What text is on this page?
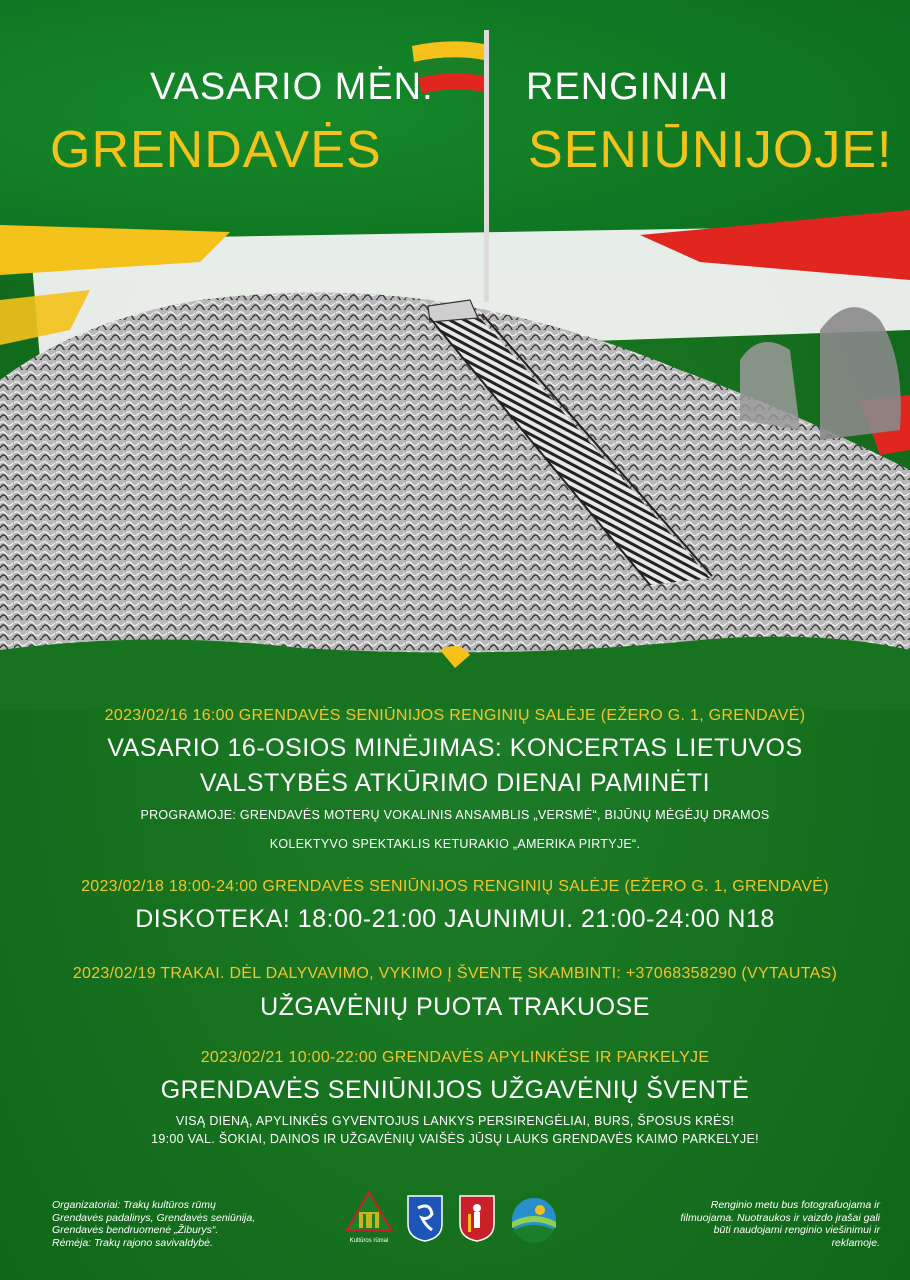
VASARIO MĖN. RENGINIAI
GRENDAVĖS	SENIŪNIJOJE!
2023/02/16 16:00 GRENDAVĖS SENIŪNIJOS RENGINIŲ SALĖJE (EŽERO G. 1, GRENDAVĖ)
VASARIO 16-OSIOS MINĖJIMAS: KONCERTAS LIETUVOS
VALSTYBĖS ATKŪRIMO DIENAI PAMINĖTI
PROGRAMOJE: GRENDAVĖS MOTERŲ VOKALINIS ANSAMBLIS „VERSMĖ“, BIJŪNŲ MĖGĖJŲ DRAMOS
KOLEKTYVO SPEKTAKLIS KETURAKIO „AMERIKA PIRTYJE“.
2023/02/18 18:00-24:00 GRENDAVĖS SENIŪNIJOS RENGINIŲ SALĖJE (EŽERO G. 1, GRENDAVĖ)
DISKOTEKA! 18:00-21:00 JAUNIMUI. 21:00-24:00 N18
2023/02/19 TRAKAI. DĖL DALYVAVIMO, VYKIMO Į ŠVENTĘ SKAMBINTI: +37068358290 (VYTAUTAS)
UŽGAVĖNIŲ PUOTA TRAKUOSE
2023/02/21 10:00-22:00 GRENDAVĖS APYLINKĖSE IR PARKELYJE
GRENDAVĖS SENIŪNIJOS UŽGAVĖNIŲ ŠVENTĖ
VISĄ DIENĄ, APYLINKĖS GYVENTOJUS LANKYS PERSIRENGĖLIAI, BURS, ŠPOSUS KRĖS!
19:00 VAL. ŠOKIAI, DAINOS IR UŽGAVĖNIŲ VAIŠĖS JŪSŲ LAUKS GRENDAVĖS KAIMO PARKELYJE!
Organizatoriai: Trakų kultūros rūmų
Grendavės padalinys, Grendavės seniūnija,
Grendavės bendruomenė „Žiburys“.
Rėmėja: Trakų rajono savivaldybė.	Kultūros rūmai
Renginio metu bus fotografuojama ir
filmuojama. Nuotraukos ir vaizdo įrašai gali
būti naudojami renginio viešinimui ir
reklamoje.
